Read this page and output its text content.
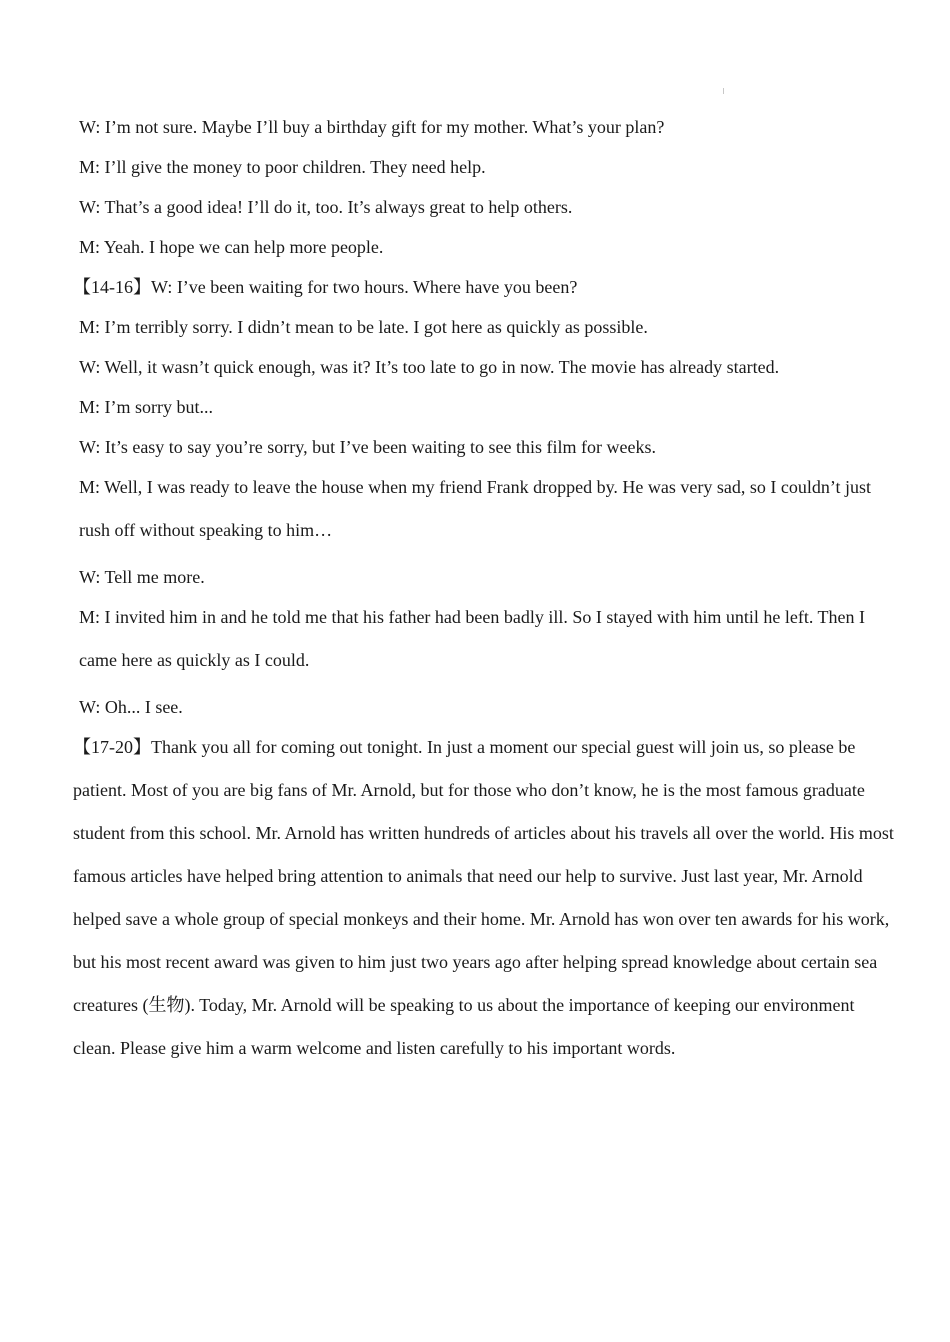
W: I’m not sure. Maybe I’ll buy a birthday gift for my mother. What’s your plan?

M: I’ll give the money to poor children. They need help.

W: That’s a good idea! I’ll do it, too. It’s always great to help others.

M: Yeah. I hope we can help more people.

【14-16】W: I’ve been waiting for two hours. Where have you been?

M: I’m terribly sorry. I didn’t mean to be late. I got here as quickly as possible.

W: Well, it wasn’t quick enough, was it? It’s too late to go in now. The movie has already started.

M: I’m sorry but...

W: It’s easy to say you’re sorry, but I’ve been waiting to see this film for weeks.

M: Well, I was ready to leave the house when my friend Frank dropped by. He was very sad, so I couldn’t just rush off without speaking to him…

W: Tell me more.

M: I invited him in and he told me that his father had been badly ill. So I stayed with him until he left. Then I came here as quickly as I could.

W: Oh... I see.

【17-20】Thank you all for coming out tonight. In just a moment our special guest will join us, so please be patient. Most of you are big fans of Mr. Arnold, but for those who don’t know, he is the most famous graduate student from this school. Mr. Arnold has written hundreds of articles about his travels all over the world. His most famous articles have helped bring attention to animals that need our help to survive. Just last year, Mr. Arnold helped save a whole group of special monkeys and their home. Mr. Arnold has won over ten awards for his work, but his most recent award was given to him just two years ago after helping spread knowledge about certain sea creatures (生物). Today, Mr. Arnold will be speaking to us about the importance of keeping our environment clean. Please give him a warm welcome and listen carefully to his important words.
